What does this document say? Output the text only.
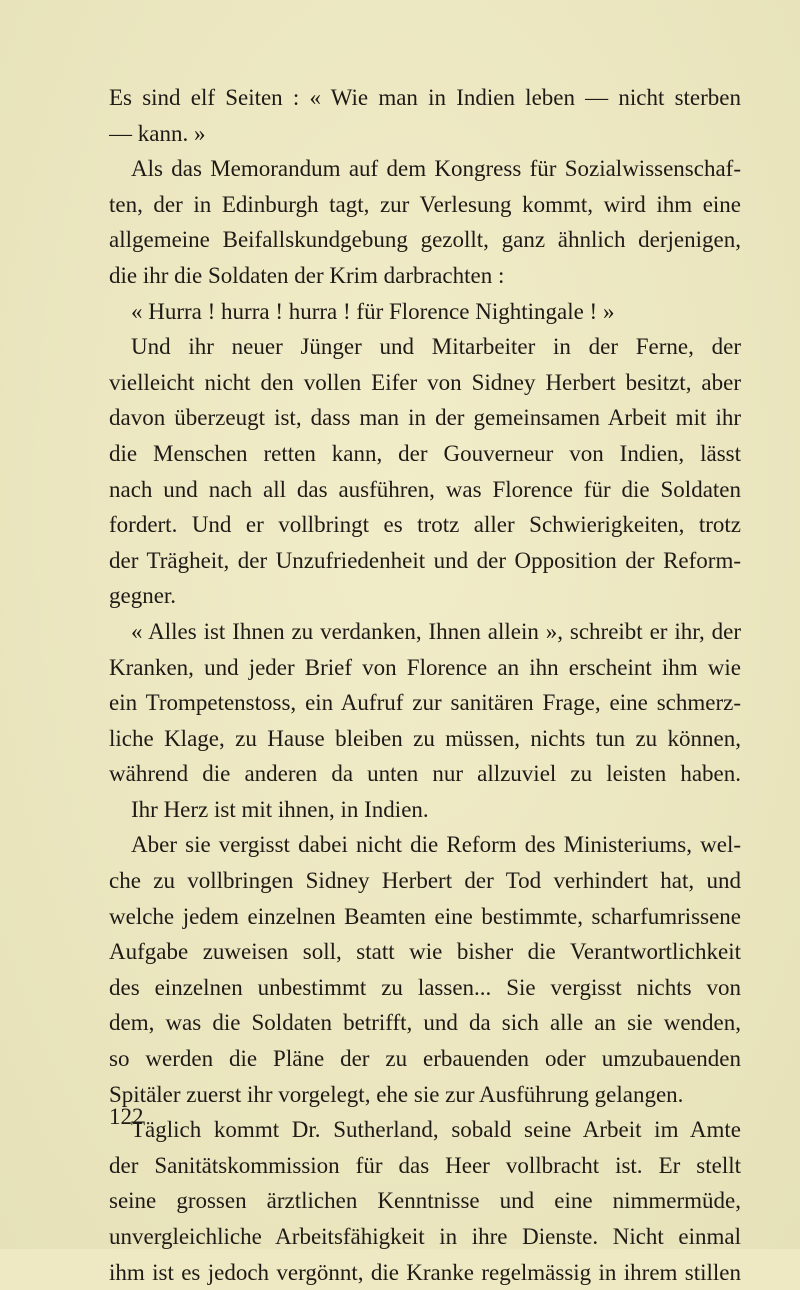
Es sind elf Seiten : « Wie man in Indien leben — nicht sterben
— kann. »
Als das Memorandum auf dem Kongress für Sozialwissenschaf-
ten, der in Edinburgh tagt, zur Verlesung kommt, wird ihm eine
allgemeine Beifallskundgebung gezollt, ganz ähnlich derjenigen,
die ihr die Soldaten der Krim darbrachten :
« Hurra ! hurra ! hurra ! für Florence Nightingale ! »
Und ihr neuer Jünger und Mitarbeiter in der Ferne, der
vielleicht nicht den vollen Eifer von Sidney Herbert besitzt, aber
davon überzeugt ist, dass man in der gemeinsamen Arbeit mit ihr
die Menschen retten kann, der Gouverneur von Indien, lässt
nach und nach all das ausführen, was Florence für die Soldaten
fordert. Und er vollbringt es trotz aller Schwierigkeiten, trotz
der Trägheit, der Unzufriedenheit und der Opposition der Reform-
gegner.
« Alles ist Ihnen zu verdanken, Ihnen allein », schreibt er ihr, der
Kranken, und jeder Brief von Florence an ihn erscheint ihm wie
ein Trompetenstoss, ein Aufruf zur sanitären Frage, eine schmerz-
liche Klage, zu Hause bleiben zu müssen, nichts tun zu können,
während die anderen da unten nur allzuviel zu leisten haben.
Ihr Herz ist mit ihnen, in Indien.
Aber sie vergisst dabei nicht die Reform des Ministeriums, wel-
che zu vollbringen Sidney Herbert der Tod verhindert hat, und
welche jedem einzelnen Beamten eine bestimmte, scharfumrissene
Aufgabe zuweisen soll, statt wie bisher die Verantwortlichkeit
des einzelnen unbestimmt zu lassen... Sie vergisst nichts von
dem, was die Soldaten betrifft, und da sich alle an sie wenden,
so werden die Pläne der zu erbauenden oder umzubauenden
Spitäler zuerst ihr vorgelegt, ehe sie zur Ausführung gelangen.
Täglich kommt Dr. Sutherland, sobald seine Arbeit im Amte
der Sanitätskommission für das Heer vollbracht ist. Er stellt
seine grossen ärztlichen Kenntnisse und eine nimmermüde,
unvergleichliche Arbeitsfähigkeit in ihre Dienste. Nicht einmal
ihm ist es jedoch vergönnt, die Kranke regelmässig in ihrem stillen
122
